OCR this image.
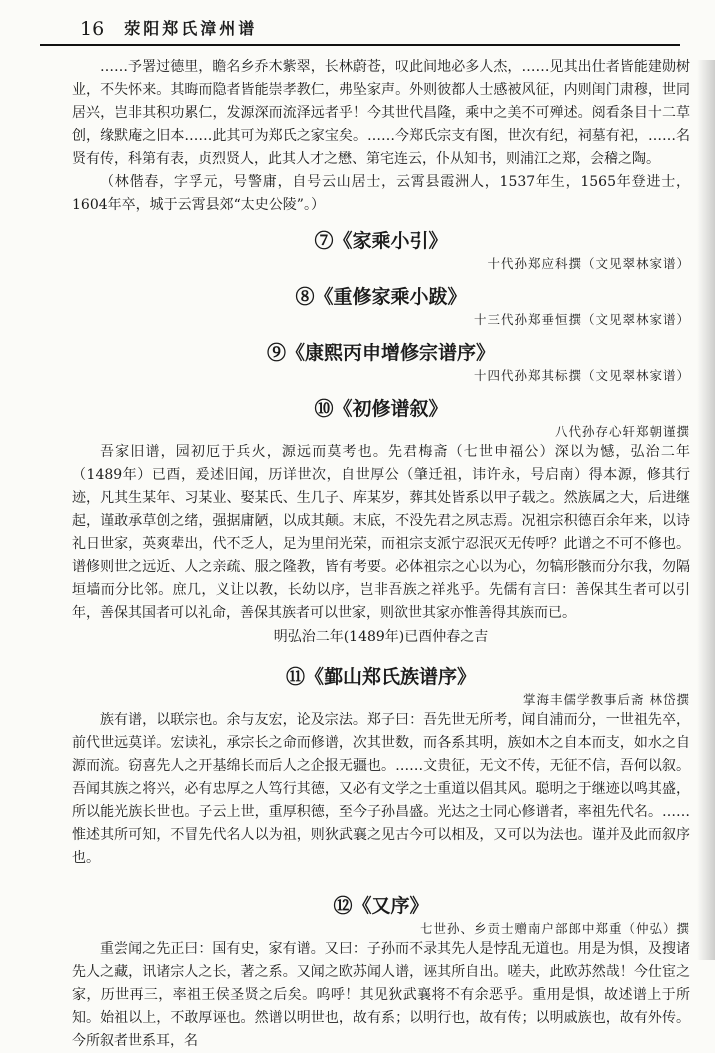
16 荥阳郑氏漳州谱

……予署过德里，瞻名乡乔木紫翠，长林蔚苍，叹此间地必多人杰，……见其出仕者皆能建勋树业，不失怀来。其晦而隐者皆能崇孝教仁，弗坠家声。外则彼都人士感被风征，内则闺门肃穆，世同居兴，岂非其积功累仁，发源深而流泽远者乎！今其世代昌隆，乘中之美不可殚述。阅看条目十二草创，缘默庵之旧本……此其可为郑氏之家宝矣。……今郑氏宗支有图，世次有纪，祠墓有祀，……名贤有传，科第有表，贞烈贤人，此其人才之懋、第宅连云，仆从知书，则浦江之郑，会稽之陶。

（林偕春，字孚元，号警庸，自号云山居士，云霄县霞洲人，1537年生，1565年登进士，1604年卒，城于云霄县郊“太史公陵”。）

⑦《家乘小引》
十代孙郑应科撰（文见翠林家谱）
⑧《重修家乘小跋》
十三代孙郑垂恒撰（文见翠林家谱）
⑨《康熙丙申增修宗谱序》
十四代孙郑其标撰（文见翠林家谱）
⑩《初修谱叙》
八代孙存心轩郑朝谨撰

吾家旧谱，园初厄于兵火，源远而莫考也。先君梅斋（七世申福公）深以为憾，弘治二年（1489年）已酉，爰述旧闻，历详世次，自世厚公（肇迁祖，讳许永，号启南）得本源，修其行迹，凡其生某年、习某业、娶某氏、生几子、库某岁，葬其处皆系以甲子载之。然族属之大，后进继起，谨敢承草创之绪，强据庸陋，以成其颠。末底，不没先君之夙志焉。况祖宗积德百余年来，以诗礼日世家，英爽辈出，代不乏人，足为里闬光荣，而祖宗支派宁忍泯灭无传呼？此谱之不可不修也。谱修则世之远近、人之亲疏、服之隆教，皆有考要。必体祖宗之心以为心，勿犒形骸而分尔我，勿隔垣墙而分比邻。庶几，义让以教，长幼以序，岂非吾族之祥兆乎。先儒有言曰：善保其生者可以引年，善保其国者可以礼命，善保其族者可以世家，则欲世其家亦惟善得其族而已。

明弘治二年(1489年)已酉仲春之吉
⑪《鄞山郑氏族谱序》
掌海丰儒学教事后斋 林岱撰

族有谱，以联宗也。余与友宏，论及宗法。郑子曰：吾先世无所考，闻自浦而分，一世祖先卒，前代世远莫详。宏读礼，承宗长之命而修谱，次其世数，而各系其明，族如木之自本而支，如水之自源而流。窃喜先人之开基绵长而后人之企报无疆也。……文贵征，无文不传，无征不信，吾何以叙。吾闻其族之将兴，必有忠厚之人笃行其德，又必有文学之士重道以倡其风。聪明之于继迹以鸣其盛，所以能光族长世也。子云上世，重厚积德，至今子孙昌盛。光达之士同心修谱者，率祖先代名。……惟述其所可知，不冒先代名人以为祖，则狄武襄之见古今可以相及，又可以为法也。谨并及此而叙序也。

⑫《又序》
七世孙、乡贡士赠南户部郎中郑重（仲弘）撰

重尝闻之先正曰：国有史，家有谱。又曰：子孙而不录其先人是悖乱无道也。用是为惧，及搜诸先人之藏，讯诸宗人之长，著之系。又闻之欧苏闻人谱，诬其所自出。嗟夫，此欧苏然哉！今仕宦之家，历世再三，率祖王侯圣贤之后矣。呜呼！其见狄武襄将不有余恶乎。重用是惧，故述谱上于所知。始祖以上，不敢厚诬也。然谱以明世也，故有系；以明行也，故有传；以明戚族也，故有外传。今所叙者世系耳，名
